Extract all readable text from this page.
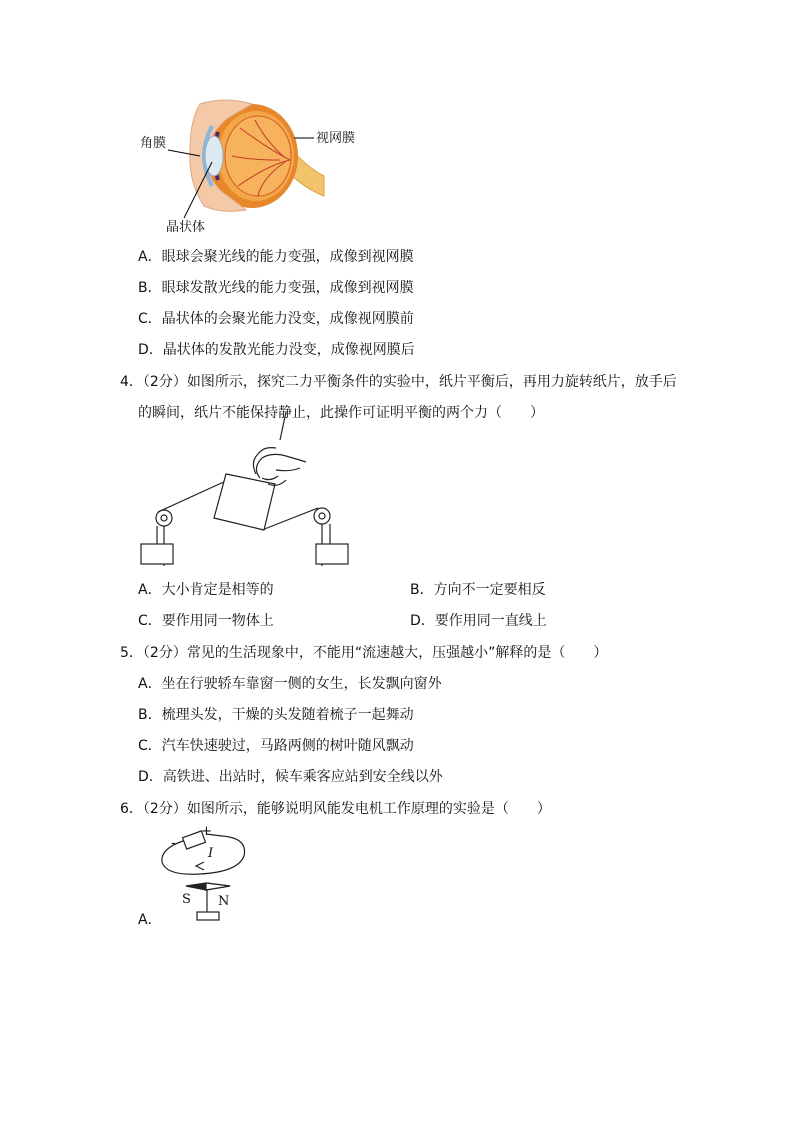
角膜	视网膜
晶状体
A．眼球会聚光线的能力变强，成像到视网膜
B．眼球发散光线的能力变强，成像到视网膜
C．晶状体的会聚光能力没变，成像视网膜前
D．晶状体的发散光能力没变，成像视网膜后
4．（2分）如图所示，探究二力平衡条件的实验中，纸片平衡后，再用力旋转纸片，放手后
的瞬间，纸片不能保持静止，此操作可证明平衡的两个力（　　）
A．大小肯定是相等的	B．方向不一定要相反
C．要作用同一物体上	D．要作用同一直线上
5．（2分）常见的生活现象中，不能用“流速越大，压强越小”解释的是（　　）
A．坐在行驶轿车靠窗一侧的女生，长发飘向窗外
B．梳理头发，干燥的头发随着梳子一起舞动
C．汽车快速驶过，马路两侧的树叶随风飘动
D．高铁进、出站时，候车乘客应站到安全线以外
6．（2分）如图所示，能够说明风能发电机工作原理的实验是（　　）
-
+
I
S N
A．
